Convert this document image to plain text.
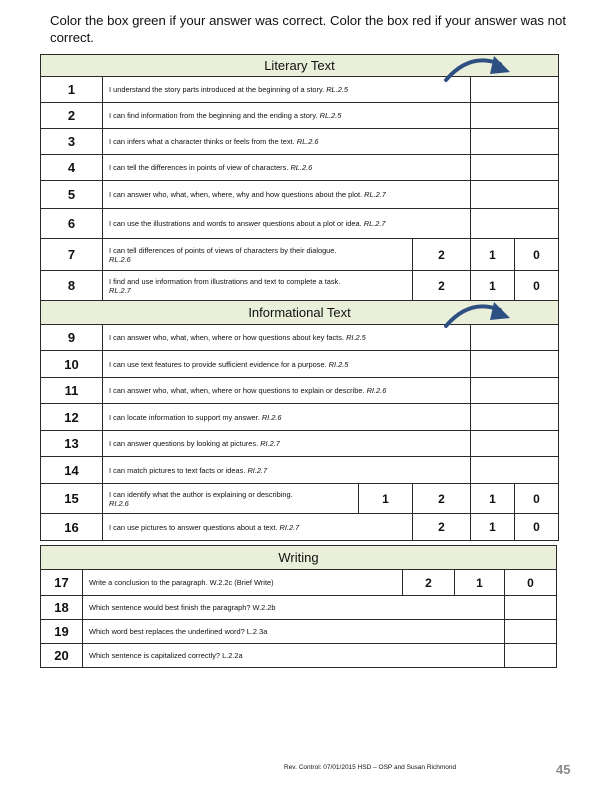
Color the box green if your answer was correct. Color the box red if your answer was not correct.
Literary Text				
1	I understand the story parts introduced at the beginning of a story. RL.2.5			
2	I can find information from the beginning and the ending a story. RL.2.5			
3	I can infers what a character thinks or feels from the text. RL.2.6			
4	I can tell the differences in points of view of characters. RL.2.6			
5	I can answer who, what, when, where, why and how questions about the plot. RL.2.7			
6	I can use the illustrations and words to answer questions about a plot or idea. RL.2.7			
7	I can tell differences of points of views of characters by their dialogue.
RL.2.6	2	1	0
8	I find and use information from illustrations and text to complete a task.
RL.2.7	2	1	0
Informational Text					
9	I can answer who, what, when, where or how questions about key facts. RI.2.5				
10	I can use text features to provide sufficient evidence for a purpose. RI.2.5				
11	I can answer who, what, when, where or how questions to explain or describe. RI.2.6				
12	I can locate information to support my answer. RI.2.6				
13	I can answer questions by looking at pictures. RI.2.7				
14	I can match pictures to text facts or ideas. RI.2.7				
15	I can identify what the author is explaining or describing.
RI.2.6	1	2	1	0
16	I can use pictures to answer questions about a text. RI.2.7		2	1	0
Writing				
17	Write a conclusion to the paragraph. W.2.2c (Brief Write)	2	1	0
18	Which sentence would best finish the paragraph? W.2.2b			
19	Which word best replaces the underlined word? L.2.3a			
20	Which sentence is capitalized correctly? L.2.2a			
Rev. Control: 07/01/2015 HSD – OSP and Susan Richmond	45
